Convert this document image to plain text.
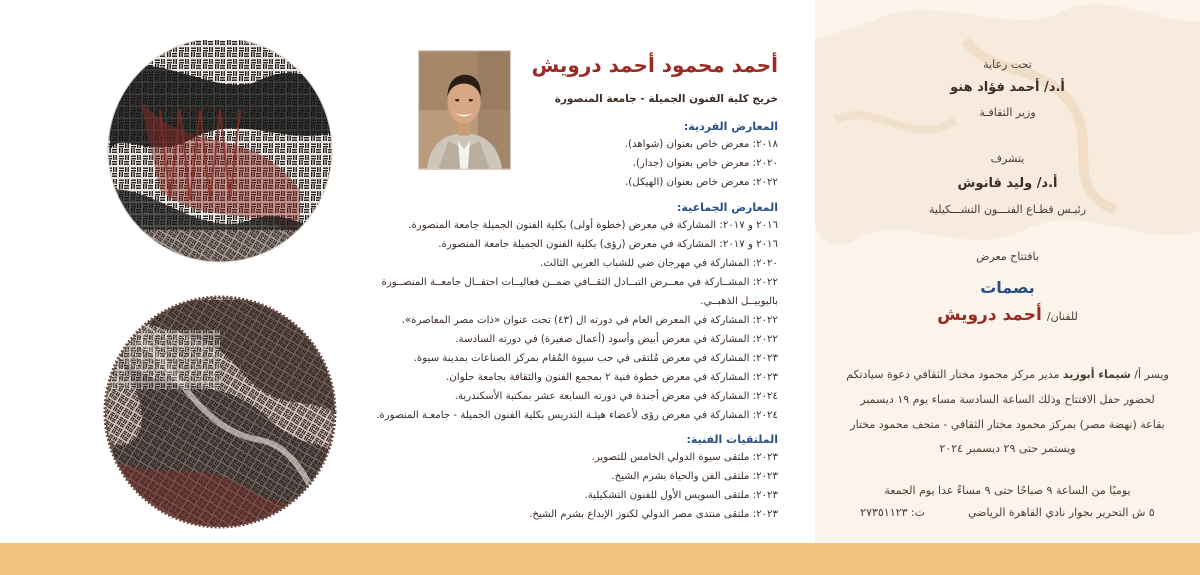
أحمد محمود أحمد درويش
خريج كلية الفنون الجميلة - جامعة المنصورة
المعارض الفردية:
٢٠١٨: معرض خاص بعنوان (شواهد).
٢٠٢٠: معرض خاص بعنوان (جدار).
٢٠٢٢: معرض خاص بعنوان (الهيكل).
المعارض الجماعية:
٢٠١٦ و ٢٠١٧: المشاركة في معرض (خطوة أولى) بكلية الفنون الجميلة جامعة المنصورة.
٢٠١٦ و ٢٠١٧: المشاركة في معرض (رؤى) بكلية الفنون الجميلة جامعة المنصورة.
٢٠٢٠: المشاركة في مهرجان ضي للشباب العربي الثالث.
٢٠٢٢: المشــاركة في معــرض التبــادل الثقــافي ضمــن فعاليــات احتفــال جامعــة المنصــورة
باليوبيــل الذهبــي.
٢٠٢٢: المشاركة في المعرض العام في دورته ال (٤٣) تحت عنوان «ذات مصر المعاصرة».
٢٠٢٢: المشاركة في معرض أبيض وأسود (أعمال صغيرة) في دورته السادسة.
٢٠٢٣: المشاركة في معرض مُلتقى في حب سيوة المُقام بمركز الصناعات بمدينة سيوة.
٢٠٢٣: المشاركة في معرض خطوة فنية ٢ بمجمع الفنون والثقافة بجامعة حلوان.
٢٠٢٤: المشاركة في معرض أجندة في دورته السابعة عشر بمكتبة الأسكندرية.
٢٠٢٤: المشاركة في معرض رؤى لأعضاء هيئـة التدريس بكلية الفنون الجميلة - جامعـة المنصورة.
الملتقيات الفنية:
٢٠٢٣: ملتقى سيوة الدولي الخامس للتصوير.
٢٠٢٣: ملتقى الفن والحياة بشرم الشيخ.
٢٠٢٣: ملتقى السويس الأول للفنون التشكيلية.
٢٠٢٣: ملتقى منتدى مصر الدولي لكنوز الإبداع بشرم الشيخ.
تحت رعاية
أ.د/ أحمد فؤاد هنو
وزير الثقافـة
يتشرف
أ.د/ وليد قانوش
رئيـس قطـاع الفنـــون التشـــكيلية
بافتتاح معرض
بصمات
للفنان/ أحمد درويش
ويسر أ/ شيماء أبوزيد مدير مركز محمود مختار الثقافي دعوة سيادتكم
لحضور حفل الافتتاح وذلك الساعة السادسة مساء يوم ١٩ ديسمبر
بقاعة (نهضة مصر) بمركز محمود مختار الثقافي - متحف محمود مختار
ويستمر حتى ٢٩ ديسمبر ٢٠٢٤
يوميًا من الساعة ٩ صباحًا حتى ٩ مساءً عدا يوم الجمعة
٥ ش التحرير بجوار نادي القاهرة الرياضي  ت: ٢٧٣٥١١٢٣
